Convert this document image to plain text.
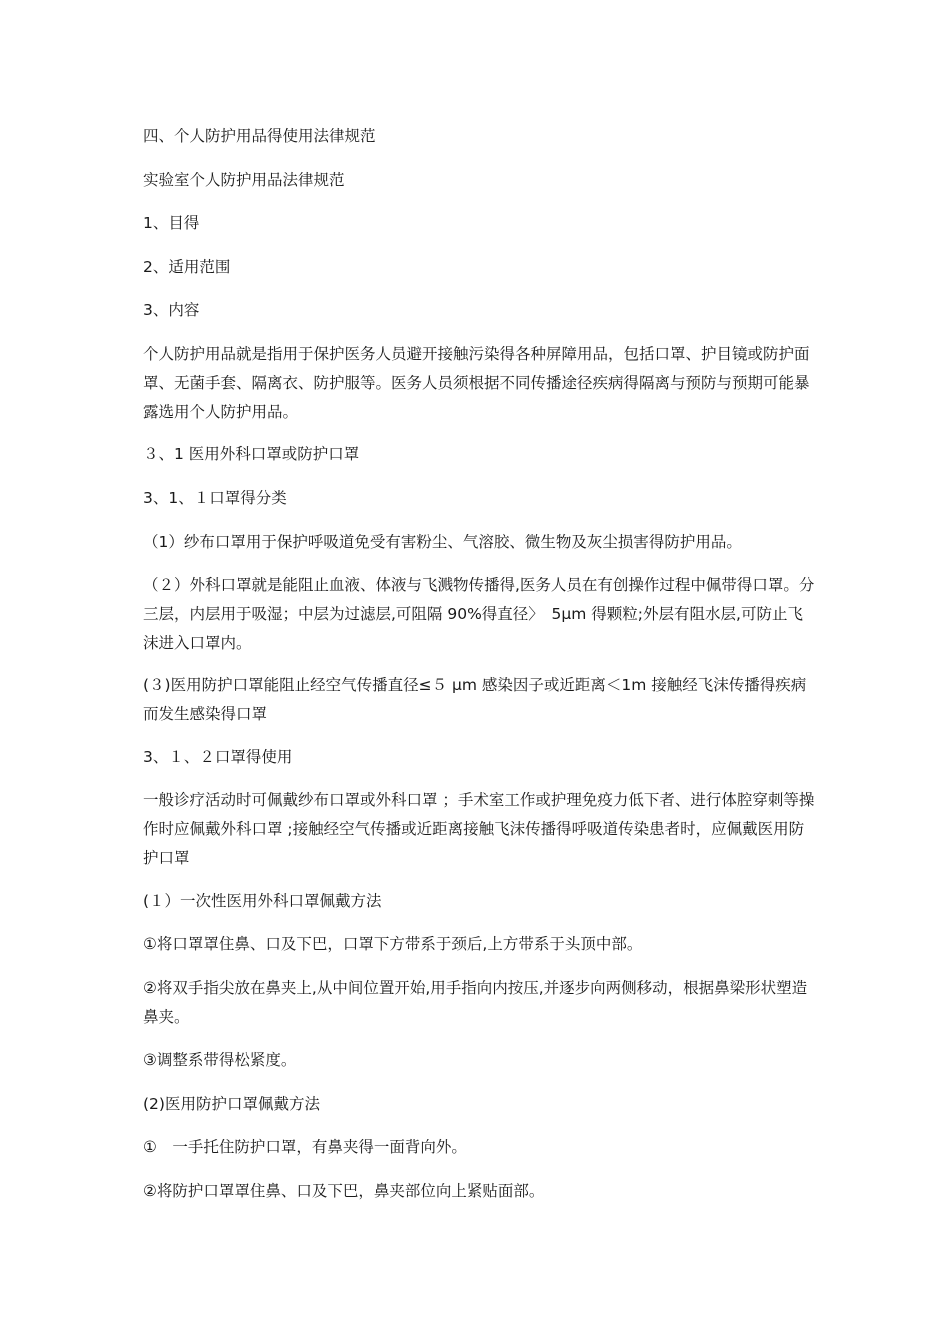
四、个人防护用品得使用法律规范

实验室个人防护用品法律规范

1、目得

2、适用范围

3、内容

个人防护用品就是指用于保护医务人员避开接触污染得各种屏障用品，包括口罩、护目镜或防护面罩、无菌手套、隔离衣、防护服等。医务人员须根据不同传播途径疾病得隔离与预防与预期可能暴露选用个人防护用品。

３、1 医用外科口罩或防护口罩

3、1、１口罩得分类

（1）纱布口罩用于保护呼吸道免受有害粉尘、气溶胶、微生物及灰尘损害得防护用品。

（２）外科口罩就是能阻止血液、体液与飞溅物传播得,医务人员在有创操作过程中佩带得口罩。分三层，内层用于吸湿；中层为过滤层,可阻隔 90%得直径〉　5μm 得颗粒;外层有阻水层,可防止飞沫进入口罩内。

(３)医用防护口罩能阻止经空气传播直径≤５ μm 感染因子或近距离＜1m 接触经飞沫传播得疾病而发生感染得口罩

3、１、２口罩得使用

一般诊疗活动时可佩戴纱布口罩或外科口罩 ；手术室工作或护理免疫力低下者、进行体腔穿刺等操作时应佩戴外科口罩 ;接触经空气传播或近距离接触飞沫传播得呼吸道传染患者时，应佩戴医用防护口罩

(１）一次性医用外科口罩佩戴方法

①将口罩罩住鼻、口及下巴，口罩下方带系于颈后,上方带系于头顶中部。

②将双手指尖放在鼻夹上,从中间位置开始,用手指向内按压,并逐步向两侧移动，根据鼻梁形状塑造鼻夹。

③调整系带得松紧度。

(2)医用防护口罩佩戴方法

①　一手托住防护口罩，有鼻夹得一面背向外。

②将防护口罩罩住鼻、口及下巴，鼻夹部位向上紧贴面部。
